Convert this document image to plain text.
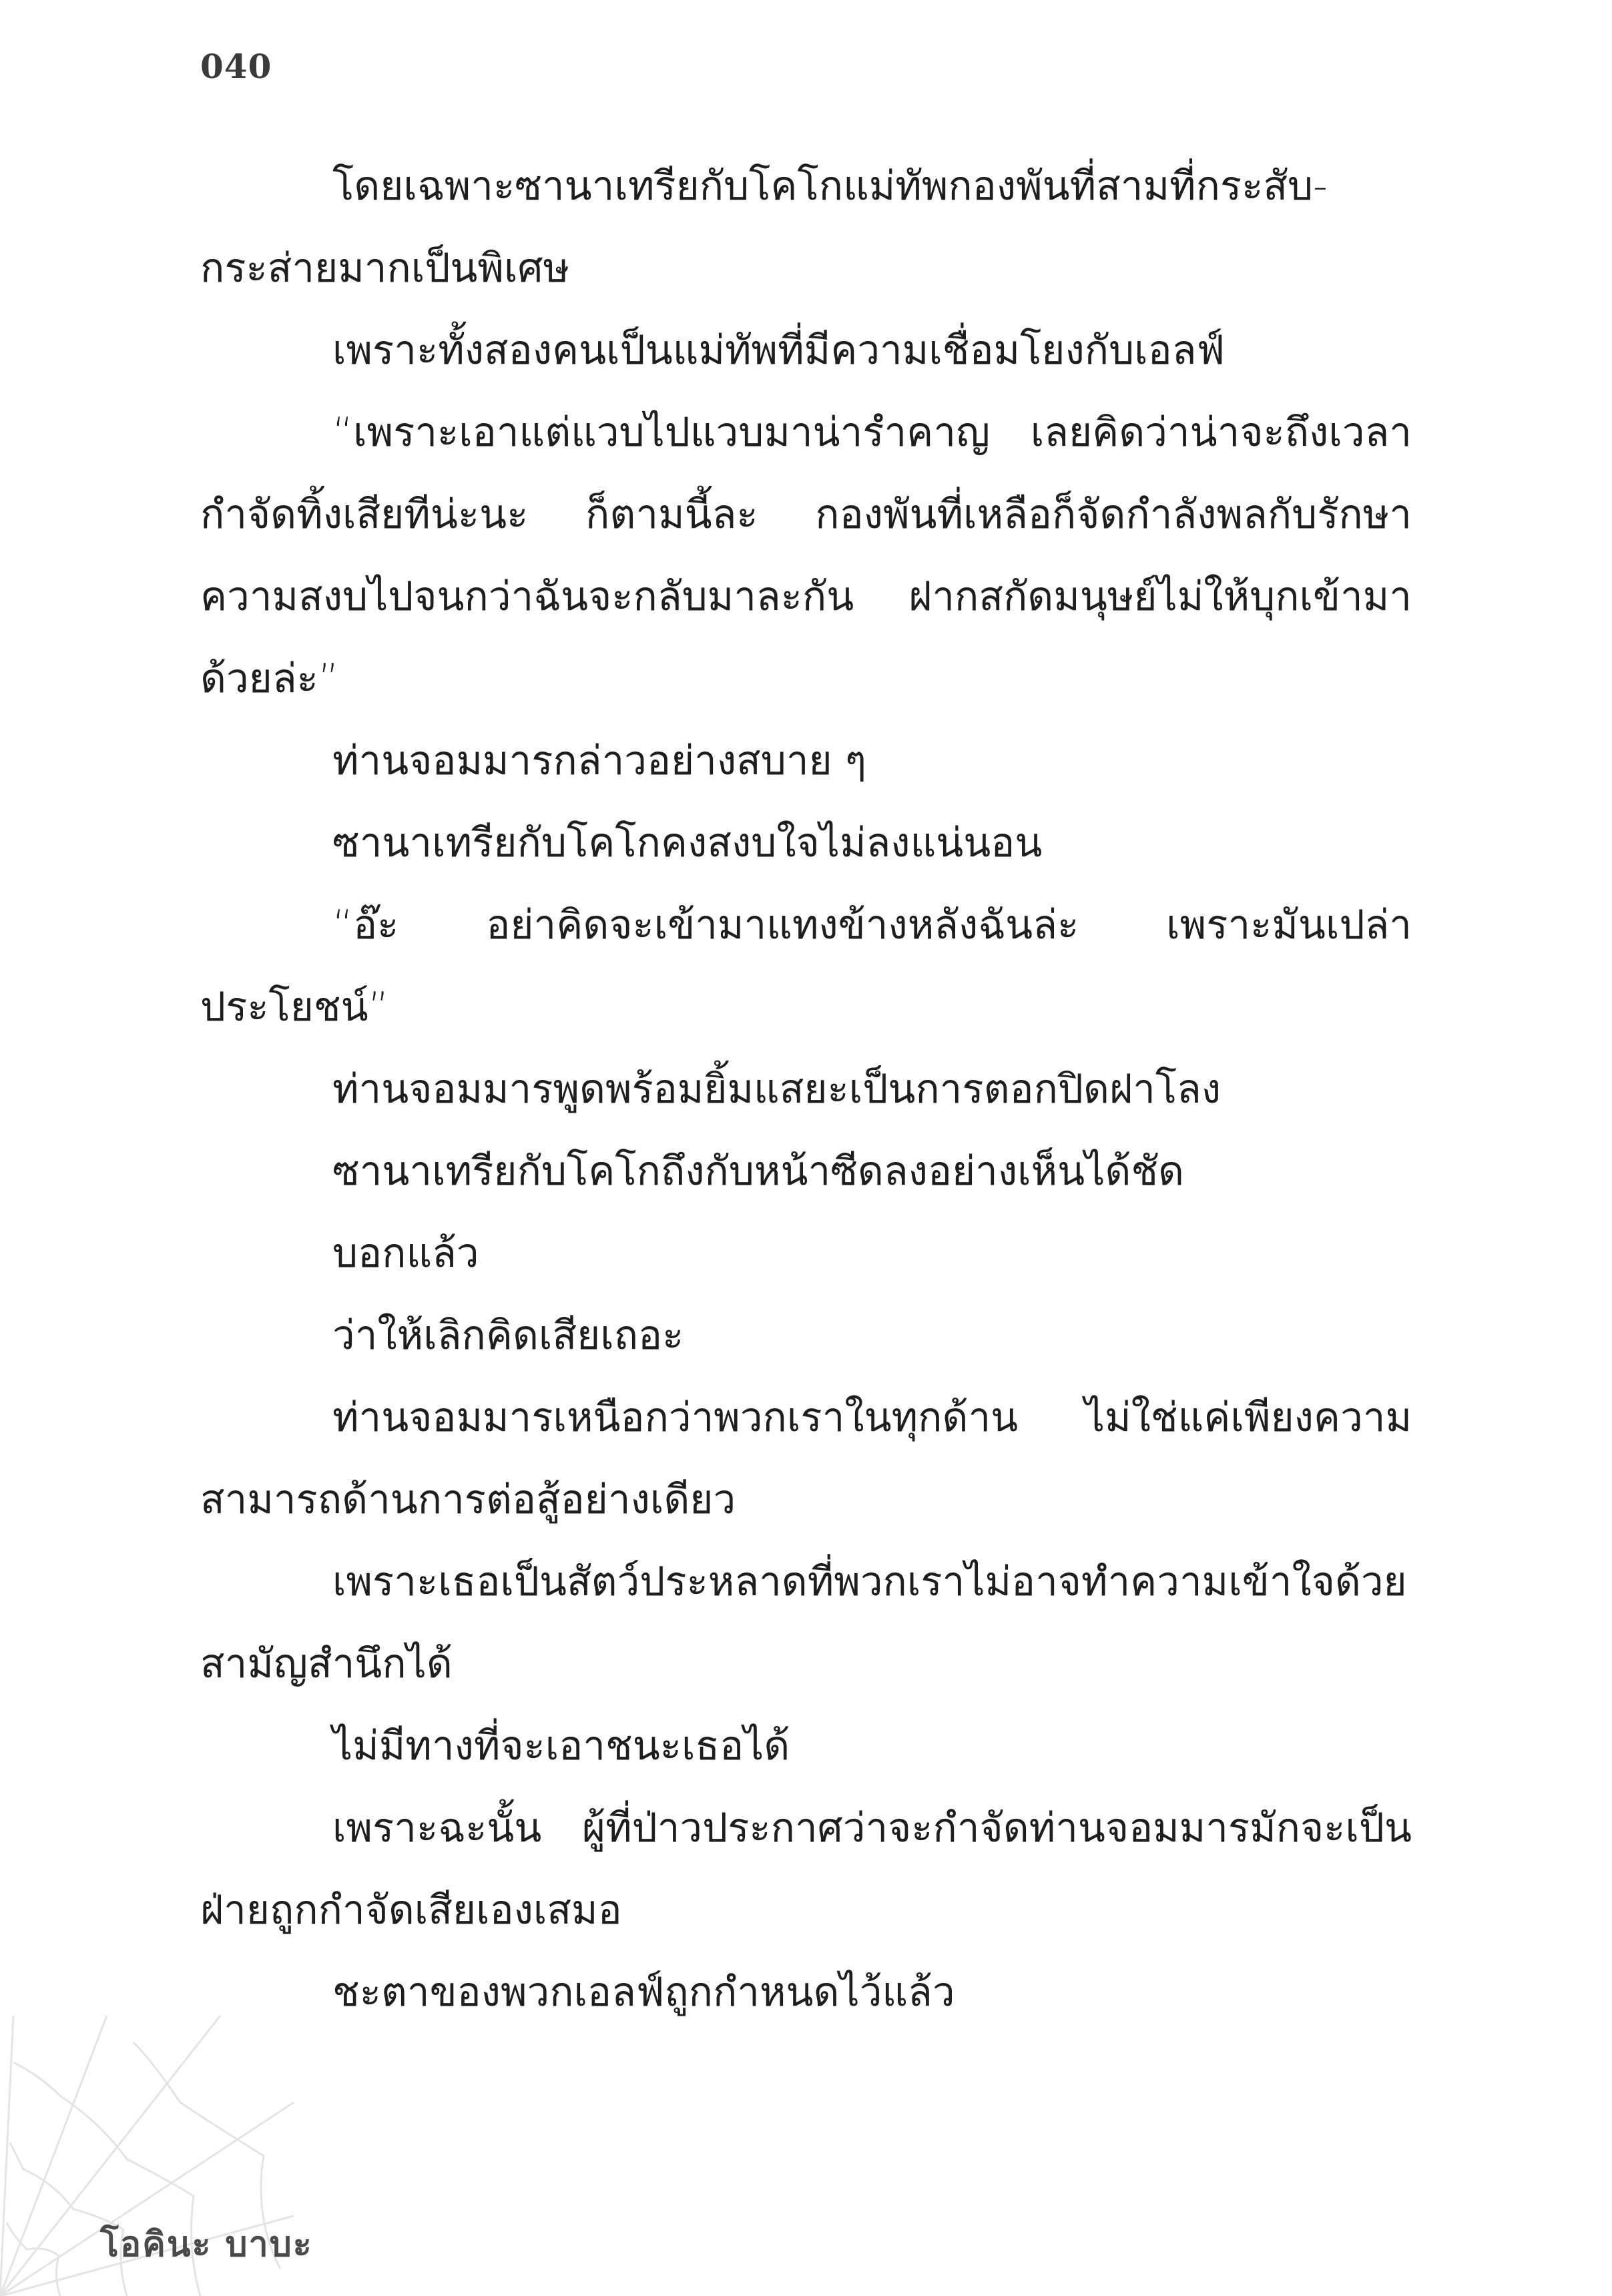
040

โดยเฉพาะซานาเทรียกับโคโกแม่ทัพกองพันที่สามที่กระสับ-กระส่ายมากเป็นพิเศษ

เพราะทั้งสองคนเป็นแม่ทัพที่มีความเชื่อมโยงกับเอลฟ์

“เพราะเอาแต่แวบไปแวบมาน่ารำคาญ เลยคิดว่าน่าจะถึงเวลากำจัดทิ้งเสียทีน่ะนะ ก็ตามนี้ละ กองพันที่เหลือก็จัดกำลังพลกับรักษาความสงบไปจนกว่าฉันจะกลับมาละกัน ฝากสกัดมนุษย์ไม่ให้บุกเข้ามาด้วยล่ะ”

ท่านจอมมารกล่าวอย่างสบาย ๆ

ซานาเทรียกับโคโกคงสงบใจไม่ลงแน่นอน

“อ๊ะ อย่าคิดจะเข้ามาแทงข้างหลังฉันล่ะ เพราะมันเปล่าประโยชน์”

ท่านจอมมารพูดพร้อมยิ้มแสยะเป็นการตอกปิดฝาโลง

ซานาเทรียกับโคโกถึงกับหน้าซีดลงอย่างเห็นได้ชัด

บอกแล้ว

ว่าให้เลิกคิดเสียเถอะ

ท่านจอมมารเหนือกว่าพวกเราในทุกด้าน ไม่ใช่แค่เพียงความสามารถด้านการต่อสู้อย่างเดียว

เพราะเธอเป็นสัตว์ประหลาดที่พวกเราไม่อาจทำความเข้าใจด้วยสามัญสำนึกได้

ไม่มีทางที่จะเอาชนะเธอได้

เพราะฉะนั้น ผู้ที่ป่าวประกาศว่าจะกำจัดท่านจอมมารมักจะเป็นฝ่ายถูกกำจัดเสียเองเสมอ

ชะตาของพวกเอลฟ์ถูกกำหนดไว้แล้ว

โอคินะ บาบะ
